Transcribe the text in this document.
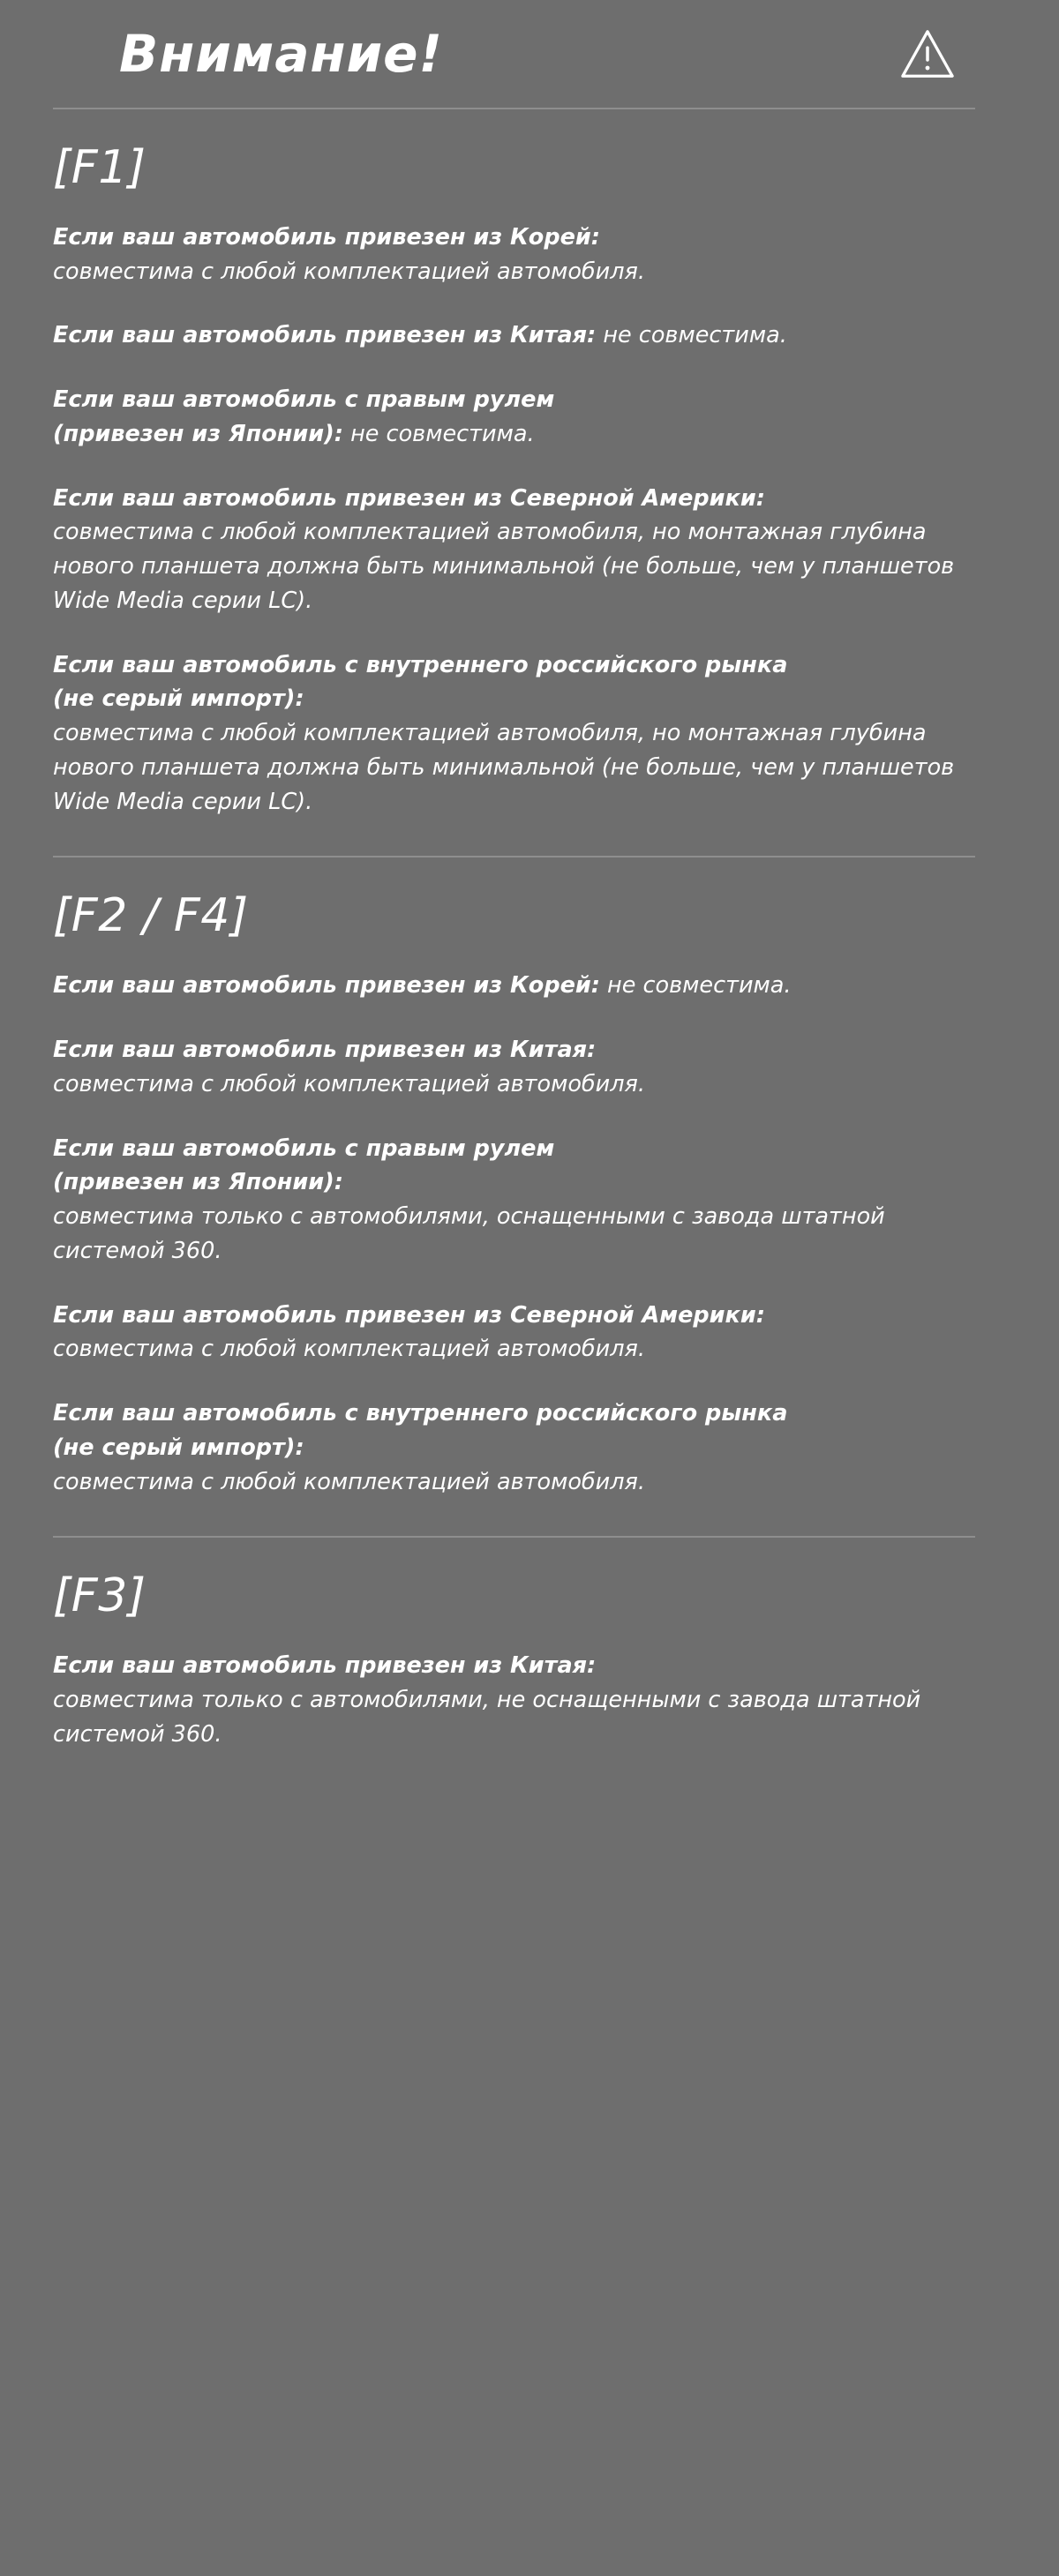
Внимание!
[F1]

Если ваш автомобиль привезен из Корей:

совместима с любой комплектацией автомобиля.

Если ваш автомобиль привезен из Китая: не совместима.

Если ваш автомобиль с правым рулем
(привезен из Японии): не совместима.

Если ваш автомобиль привезен из Северной Америки:

совместима с любой комплектацией автомобиля, но монтажная глубина нового планшета должна быть минимальной (не больше, чем у планшетов Wide Media серии LC).

Если ваш автомобиль с внутреннего российского рынка
(не серый импорт):

совместима с любой комплектацией автомобиля, но монтажная глубина нового планшета должна быть минимальной (не больше, чем у планшетов Wide Media серии LC).

[F2 / F4]

Если ваш автомобиль привезен из Корей: не совместима.

Если ваш автомобиль привезен из Китая:

совместима с любой комплектацией автомобиля.

Если ваш автомобиль с правым рулем
(привезен из Японии):

совместима только с автомобилями, оснащенными с завода штатной системой 360.

Если ваш автомобиль привезен из Северной Америки:

совместима с любой комплектацией автомобиля.

Если ваш автомобиль с внутреннего российского рынка
(не серый импорт):

совместима с любой комплектацией автомобиля.

[F3]

Если ваш автомобиль привезен из Китая:

совместима только с автомобилями, не оснащенными с завода штатной системой 360.
